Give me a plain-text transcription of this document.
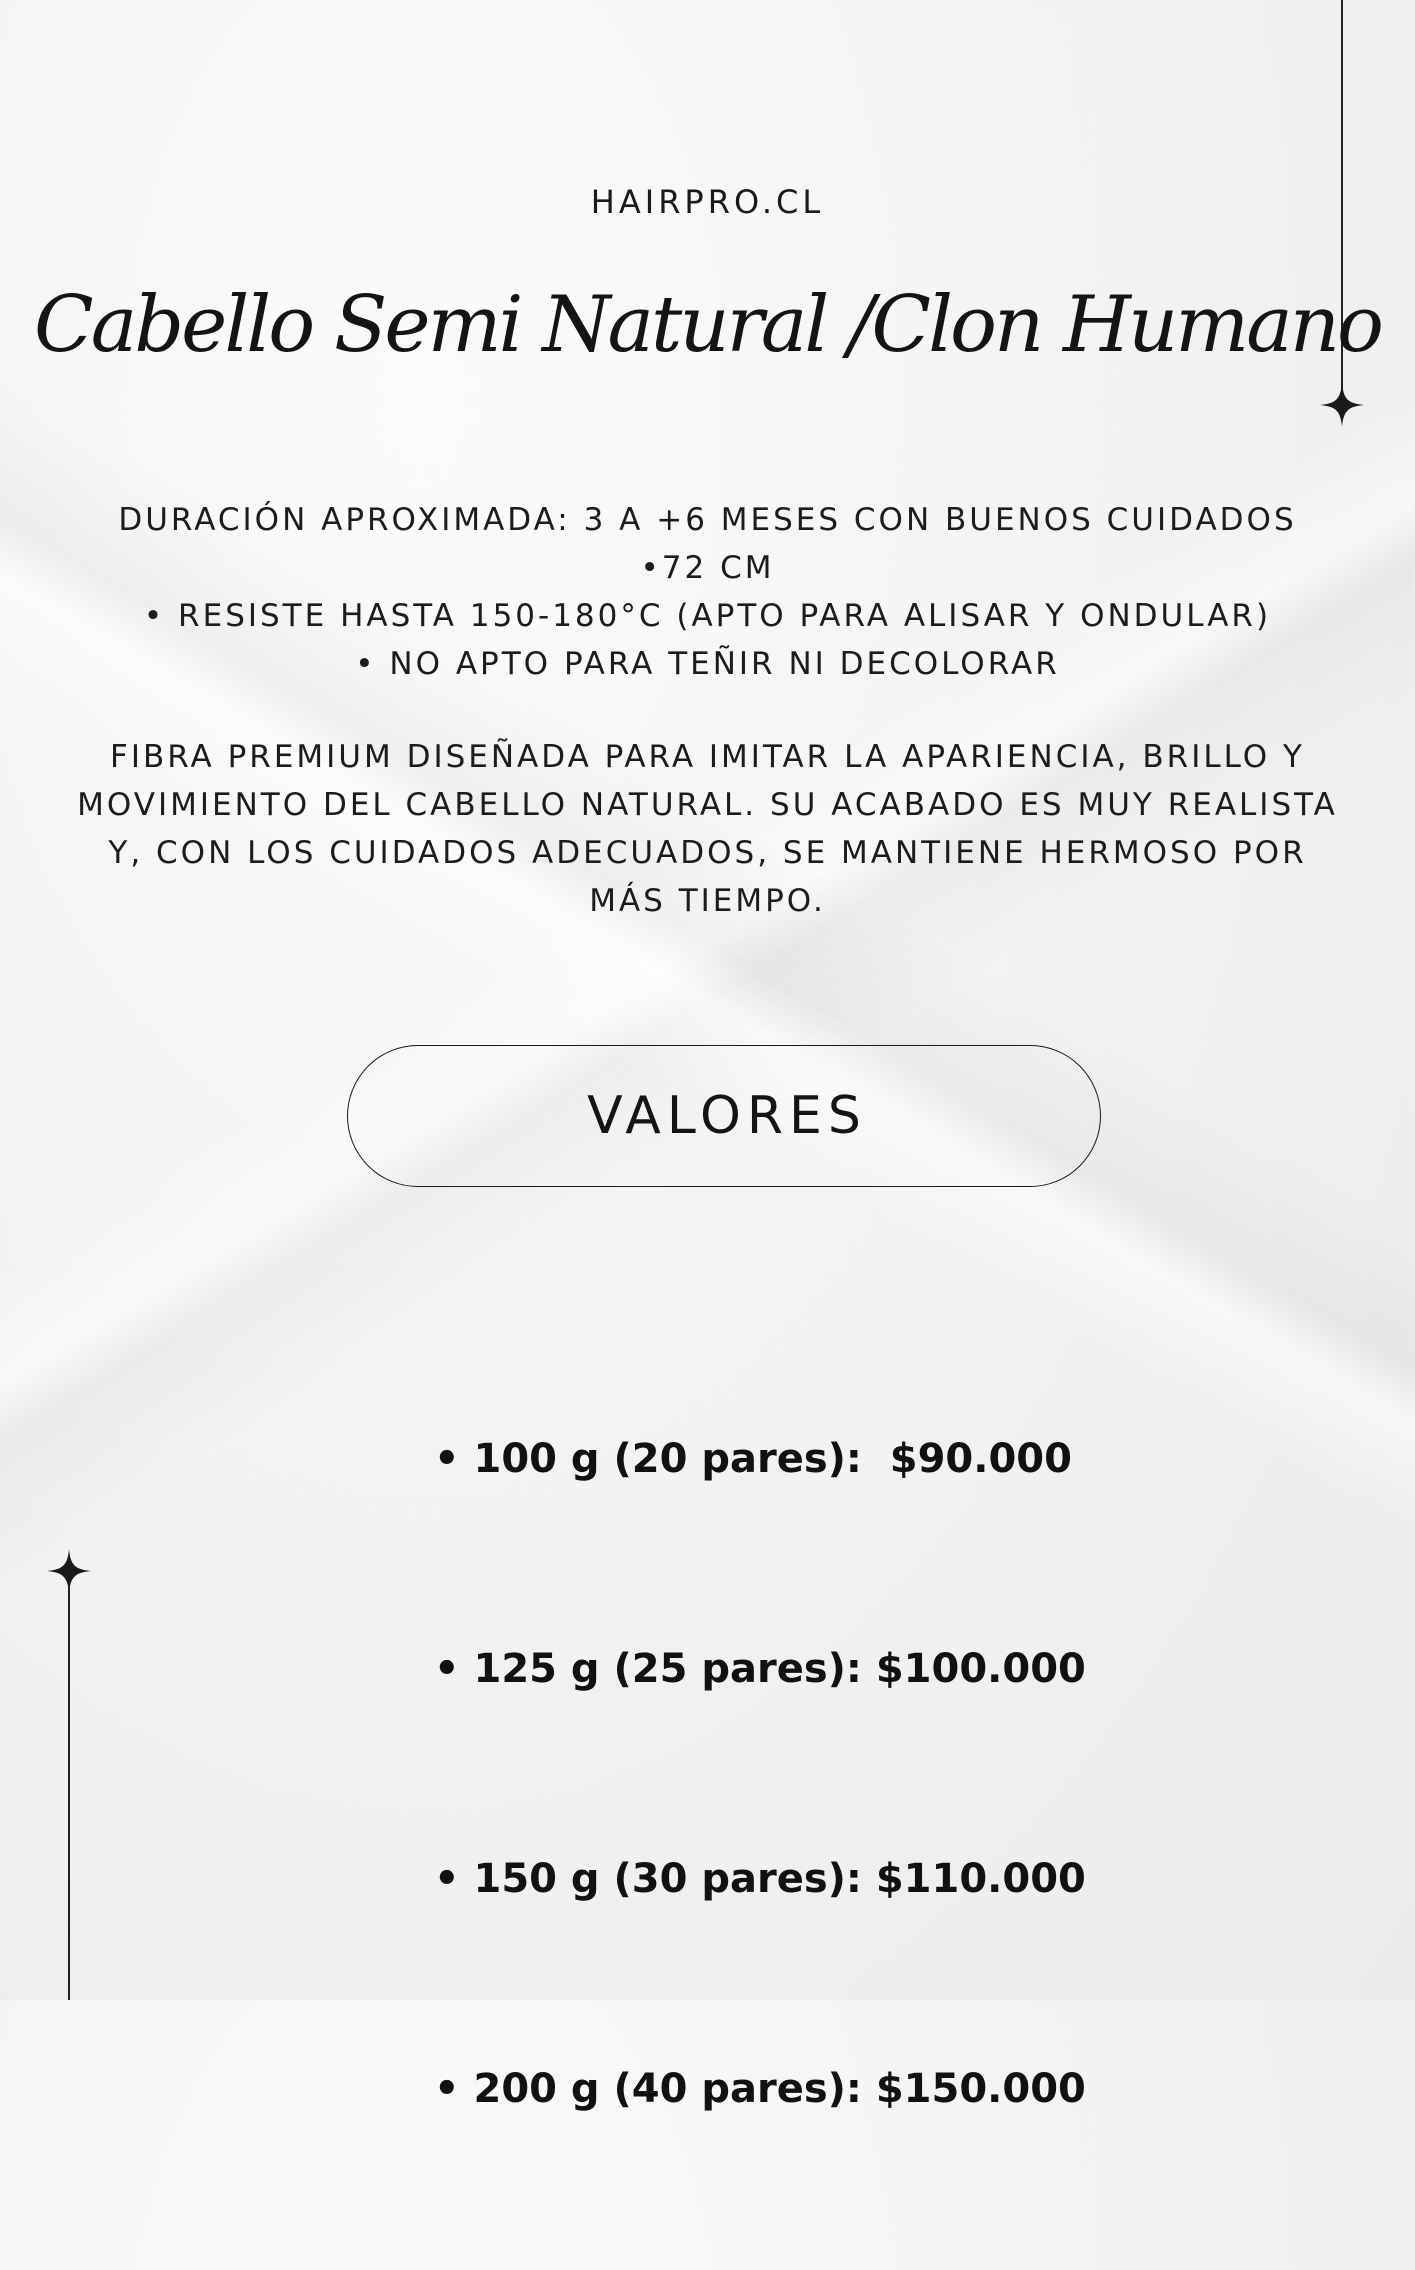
HAIRPRO.CL
Cabello Semi Natural /Clon Humano
DURACIÓN APROXIMADA: 3 A +6 MESES CON BUENOS CUIDADOS
•72 CM
• RESISTE HASTA 150-180°C (APTO PARA ALISAR Y ONDULAR)
• NO APTO PARA TEÑIR NI DECOLORAR
FIBRA PREMIUM DISEÑADA PARA IMITAR LA APARIENCIA, BRILLO Y MOVIMIENTO DEL CABELLO NATURAL. SU ACABADO ES MUY REALISTA Y, CON LOS CUIDADOS ADECUADOS, SE MANTIENE HERMOSO POR MÁS TIEMPO.
VALORES

• 100 g (20 pares):  $90.000

• 125 g (25 pares): $100.000

• 150 g (30 pares): $110.000

• 200 g (40 pares): $150.000
